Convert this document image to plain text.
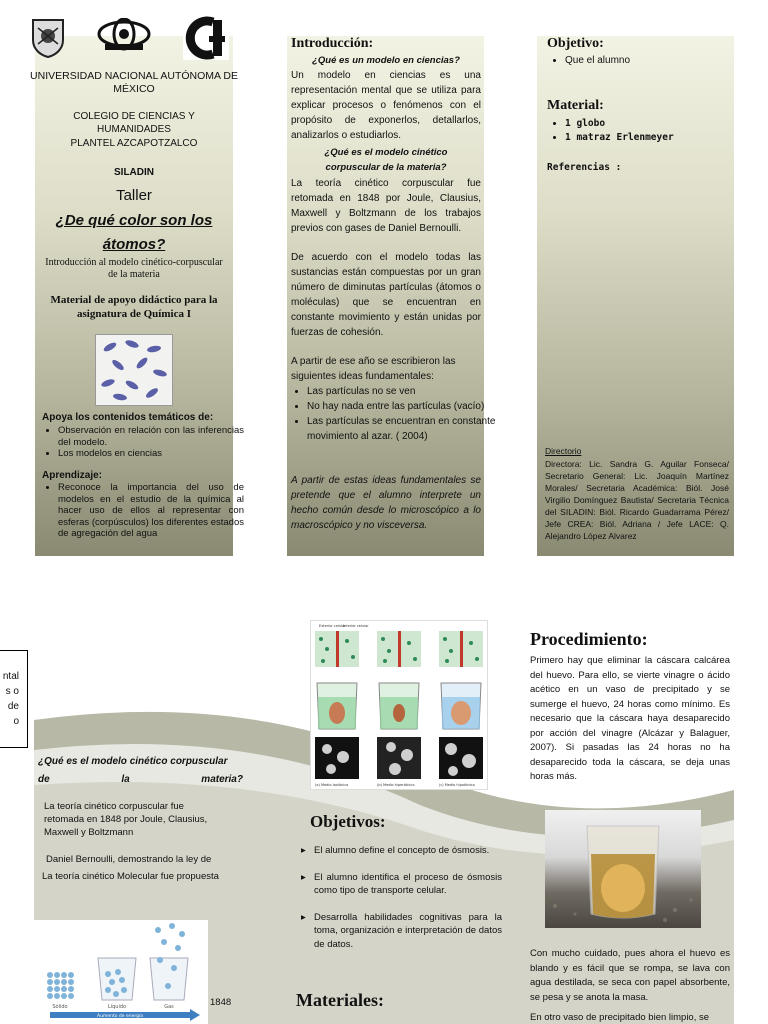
UNIVERSIDAD NACIONAL AUTÓNOMA DE MÉXICO

COLEGIO DE CIENCIAS Y HUMANIDADES

PLANTEL AZCAPOTZALCO

SILADIN

Taller

¿De qué color son los átomos?

Introducción al modelo cinético-corpuscular de la materia

Material de apoyo didáctico para la asignatura de Química I

Apoya los contenidos temáticos de:

• Observación en relación con las inferencias del modelo.
• Los modelos en ciencias

Aprendizaje:

• Reconoce la importancia del uso de modelos en el estudio de la química al hacer uso de ellos al representar con esferas (corpúsculos) los diferentes estados de agregación del agua

Introducción:

¿Qué es un modelo en ciencias?

Un modelo en ciencias es una representación mental que se utiliza para explicar procesos o fenómenos con el propósito de exponerlos, detallarlos, analizarlos o estudiarlos.

¿Qué es el modelo cinético corpuscular de la materia?

La teoría cinético corpuscular fue retomada en 1848 por Joule, Clausius, Maxwell y Boltzmann de los trabajos previos con gases de Daniel Bernoulli.

De acuerdo con el modelo todas las sustancias están compuestas por un gran número de diminutas partículas (átomos o moléculas) que se encuentran en constante movimiento y están unidas por fuerzas de cohesión.

A partir de ese año se escribieron las siguientes ideas fundamentales:

• Las partículas no se ven
• No hay nada entre las partículas (vacío)
• Las partículas se encuentran en constante movimiento al azar. ( 2004)

A partir de estas ideas fundamentales se pretende que el alumno interprete un hecho común desde lo microscópico a lo macroscópico y no visceversa.

Objetivo:

• Que el alumno

Material:

• 1 globo
• 1 matraz Erlenmeyer

Referencias :

Directorio

Directora: Lic. Sandra G. Aguilar Fonseca/ Secretario General: Lic. Joaquín Martínez Morales/ Secretaria Académica: Biól. José Virgilio Domínguez Bautista/ Secretaria Técnica del SILADIN: Biól. Ricardo Guadarrama Pérez/ Jefe CREA: Biól. Adriana / Jefe LACE: Q. Alejandro López Alvarez

ntal
s o
de
o

¿Qué es el modelo cinético corpuscular

de	la	materia?

La teoría cinético corpuscular fue retomada en 1848 por Joule, Clausius, Maxwell y Boltzmann

Daniel Bernoulli, demostrando la ley de

La teoría cinético Molecular fue propuesta

Sólido	Líquido	Gas
Aumento de energía

1848

Exterior celular
Interior celular
(a) Medio isotónico	(b) Medio hipertónico	(c) Medio hipotónico

Objetivos:

▸ El alumno define el concepto de ósmosis.
▸ El alumno identifica el proceso de ósmosis como tipo de transporte celular.
▸ Desarrolla habilidades cognitivas para la toma, organización e interpretación de datos de datos.

Materiales:

Procedimiento:

Primero hay que eliminar la cáscara calcárea del huevo. Para ello, se vierte vinagre o ácido acético en un vaso de precipitado y se sumerge el huevo, 24 horas como mínimo. Es necesario que la cáscara haya desaparecido por acción del vinagre (Alcázar y Balaguer, 2007). Si pasadas las 24 horas no ha desaparecido toda la cáscara, se deja unas horas más.

Con mucho cuidado, pues ahora el huevo es blando y es fácil que se rompa, se lava con agua destilada, se seca con papel absorbente, se pesa y se anota la masa.

En otro vaso de precipitado bien limpio, se
